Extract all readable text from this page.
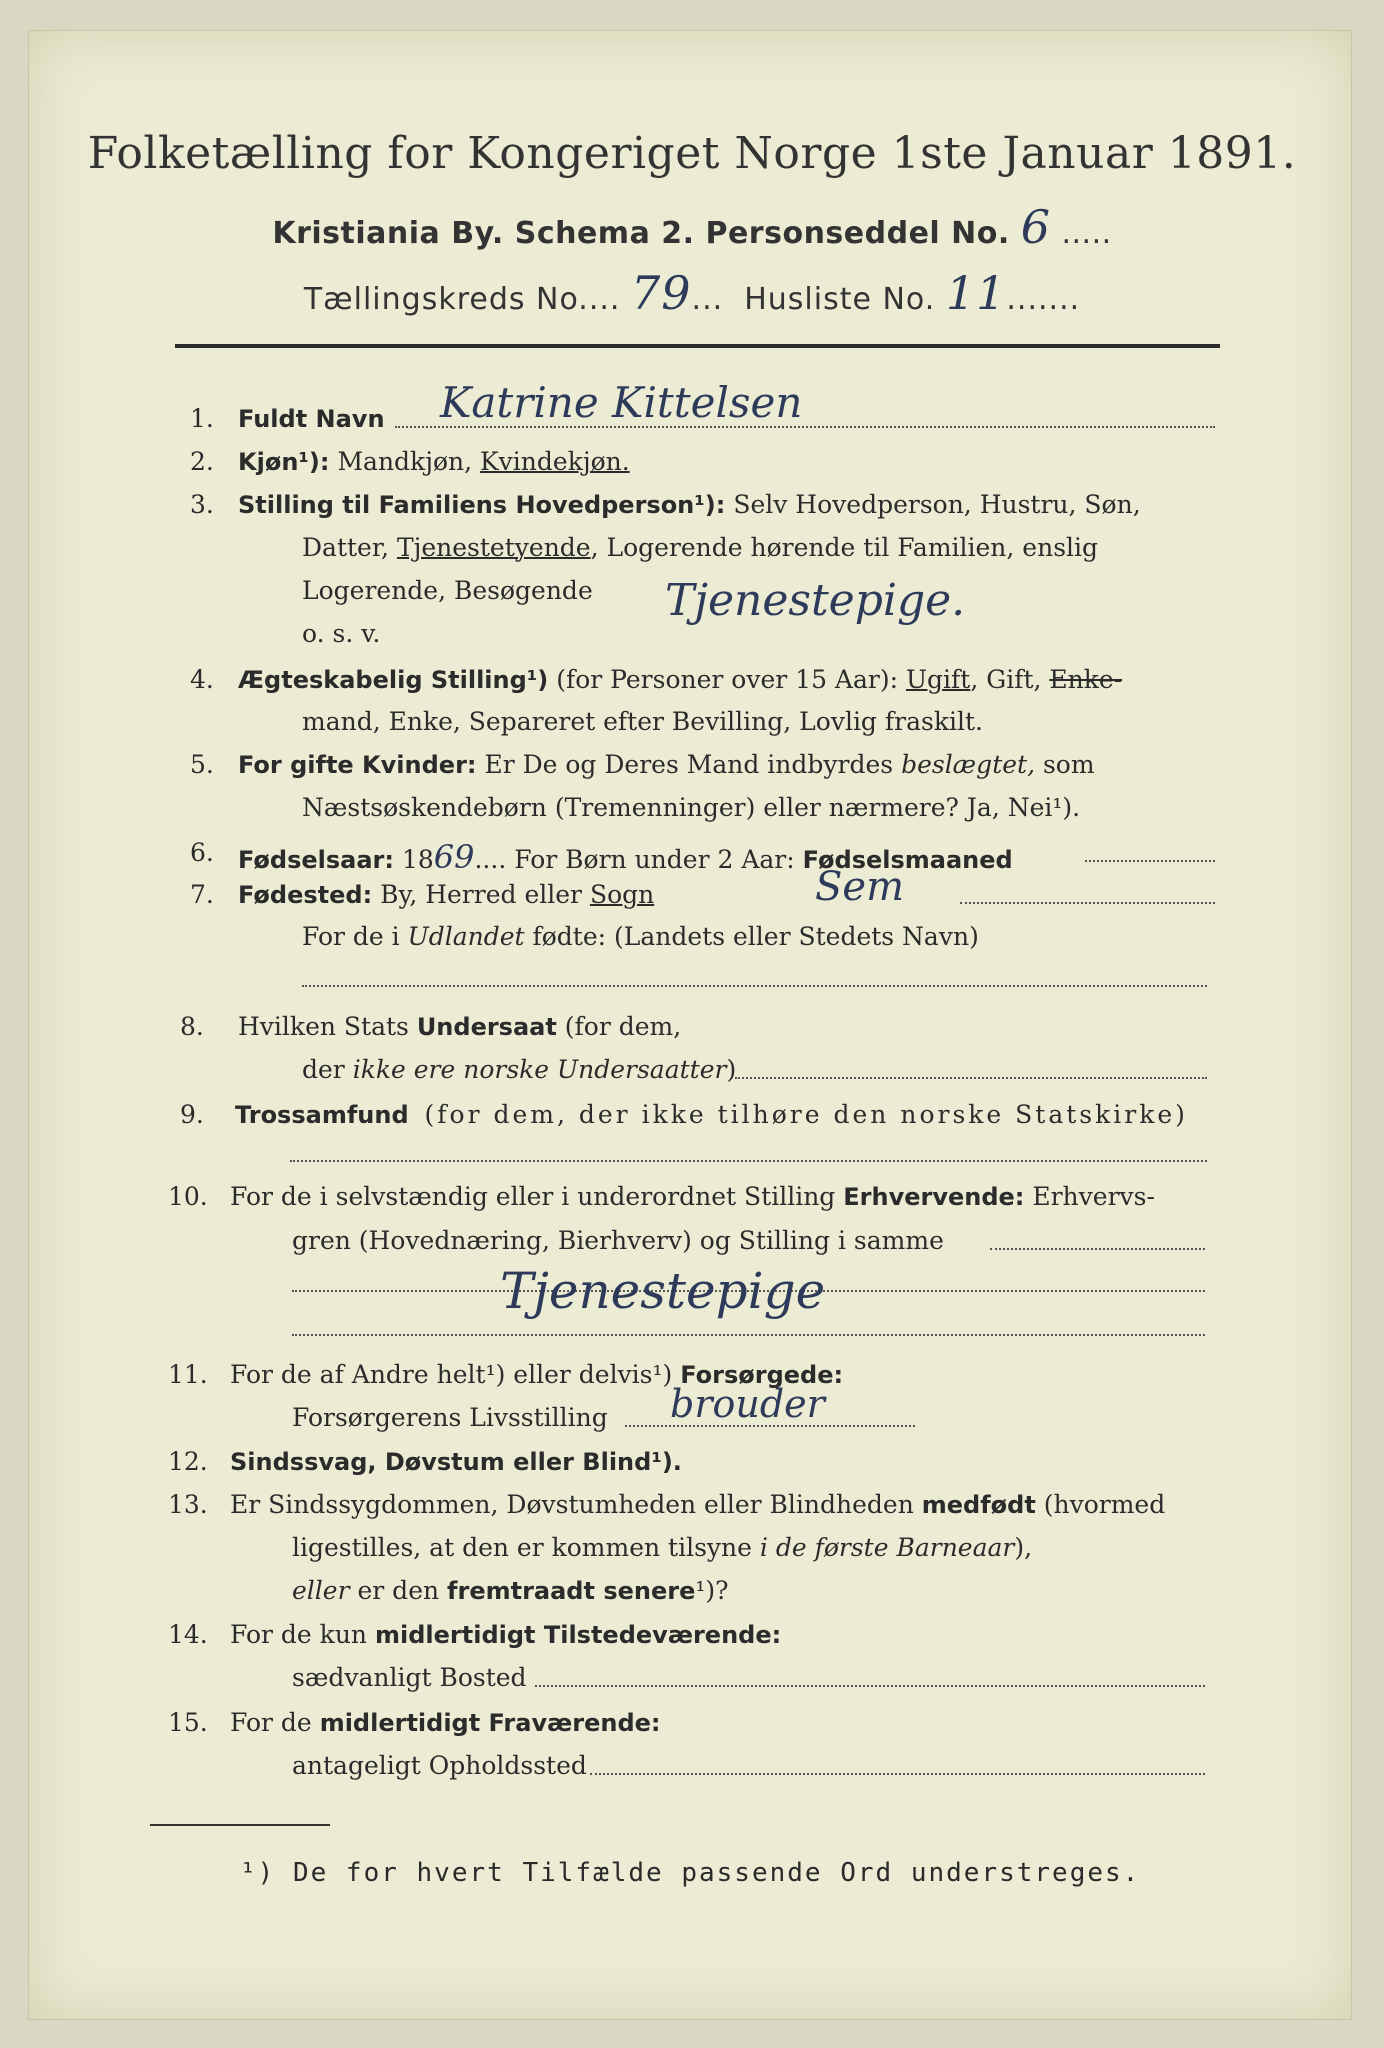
Folketælling for Kongeriget Norge 1ste Januar 1891.
Kristiania By. Schema 2. Personseddel No. 6 .....
Tællingskreds No.... 79... Husliste No. 11.......
1. Fuldt Navn Katrine Kittelsen
2. Kjøn¹): Mandkjøn, Kvindekjøn.
3. Stilling til Familiens Hovedperson¹): Selv Hovedperson, Hustru, Søn,
Datter, Tjenestetyende, Logerende hørende til Familien, enslig
Logerende, Besøgende
o. s. v.
Tjenestepige.
4. Ægteskabelig Stilling¹) (for Personer over 15 Aar): Ugift, Gift, Enke-
mand, Enke, Separeret efter Bevilling, Lovlig fraskilt.
5. For gifte Kvinder: Er De og Deres Mand indbyrdes beslægtet, som
Næstsøskendebørn (Tremenninger) eller nærmere? Ja, Nei¹).
6. Fødselsaar: 1869.... For Børn under 2 Aar: Fødselsmaaned
7. Fødested: By, Herred eller Sogn	Sem
For de i Udlandet fødte: (Landets eller Stedets Navn)
8. Hvilken Stats Undersaat (for dem,
der ikke ere norske Undersaatter)
9. Trossamfund (for dem, der ikke tilhøre den norske Statskirke)
10. For de i selvstændig eller i underordnet Stilling Erhvervende: Erhvervs-
gren (Hovednæring, Bierhverv) og Stilling i samme
Tjenestepige
11. For de af Andre helt¹) eller delvis¹) Forsørgede:
Forsørgerens Livsstilling brouder
12. Sindssvag, Døvstum eller Blind¹).
13. Er Sindssygdommen, Døvstumheden eller Blindheden medfødt (hvormed
ligestilles, at den er kommen tilsyne i de første Barneaar),
eller er den fremtraadt senere¹)?
14. For de kun midlertidigt Tilstedeværende:
sædvanligt Bosted
15. For de midlertidigt Fraværende:
antageligt Opholdssted
¹) De for hvert Tilfælde passende Ord understreges.
